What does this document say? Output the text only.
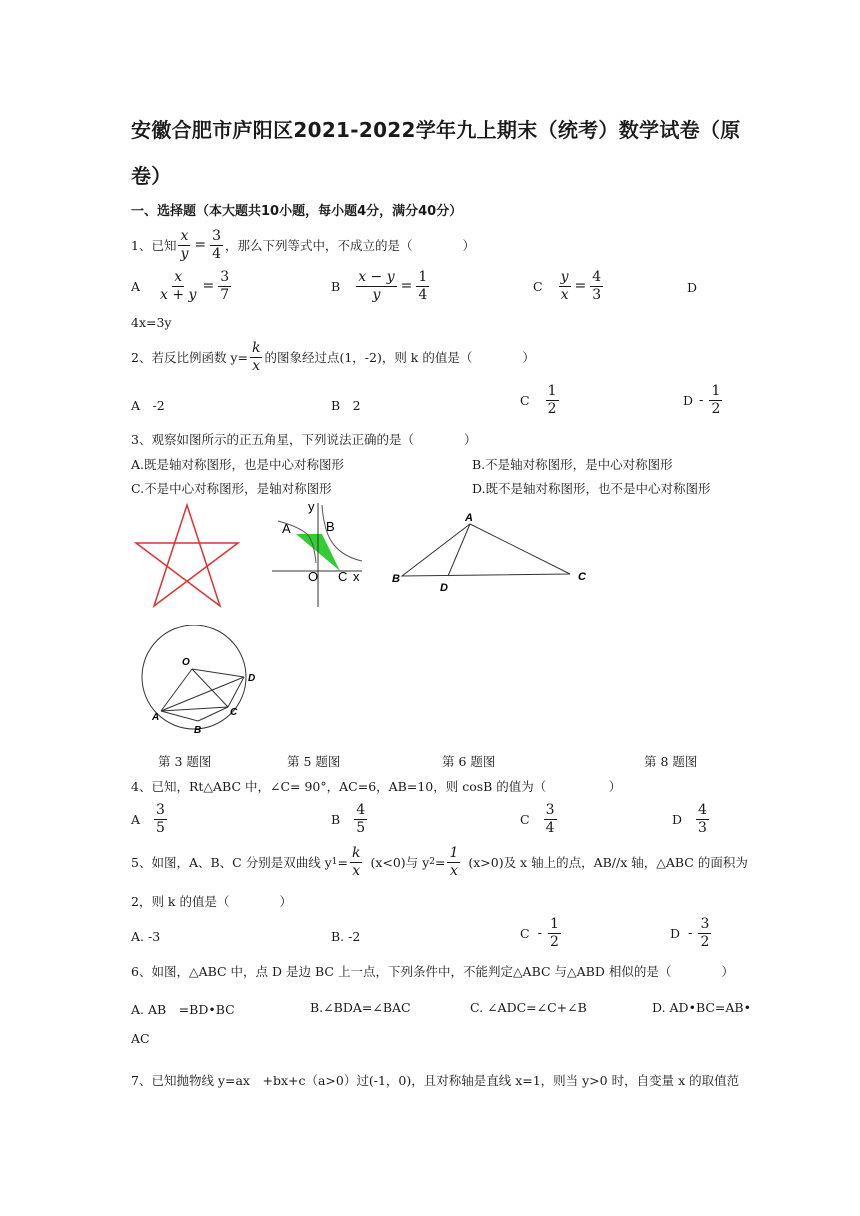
安徽合肥市庐阳区2021-2022学年九上期末（统考）数学试卷（原
卷）
一、选择题（本大题共10小题，每小题4分，满分40分）
1、已知 $\frac{x}{y} = \frac{3}{4}$ ，那么下列等式中，不成立的是（　　　　）
A $\frac{x}{x + y} = \frac{3}{7}$	B $\frac{x - y}{y} = \frac{1}{4}$	C $\frac{y}{x} = \frac{4}{3}$	D
4x=3y
2、若反比例函数 $y= \frac{k}{x}$ 的图象经过点(1，-2)，则 k 的值是（　　　　）
A　-2	B　2	C $\frac{1}{2}$	D - $\frac{1}{2}$
3、观察如图所示的正五角星，下列说法正确的是（　　　　）
A.既是轴对称图形，也是中心对称图形	B.不是轴对称图形，是中心对称图形
C.不是中心对称图形，是轴对称图形	D.既不是轴对称图形，也不是中心对称图形
y
A	B
O C x
A
B
D
C
O
D
A
B
C
第 3 题图	第 5 题图	第 6 题图	第 8 题图
4、已知，Rt△ABC 中，∠C= 90°，AC=6，AB=10，则 cosB 的值为（　　　　　）
A $\frac{3}{5}$	B $\frac{4}{5}$	C $\frac{3}{4}$	D $\frac{4}{3}$
5、如图，A、B、C 分别是双曲线 y $1 = \frac{k}{x} (x<0)$与 y $2 = \frac{1}{x} (x>0)$及 x 轴上的点，AB//x 轴，△ABC 的面积为
2，则 k 的值是（　　　　）
A. -3	B. -2	C - $\frac{1}{2}$	D - $\frac{3}{2}$
6、如图，△ABC 中，点 D 是边 BC 上一点，下列条件中，不能判定△ABC 与△ABD 相似的是（　　　　）
A. AB　=BD•BC	B.∠BDA=∠BAC	C. ∠ADC=∠C+∠B	D. AD•BC=AB•
AC
7、已知抛物线 y=ax　+bx+c（a>0）过(-1，0)，且对称轴是直线 x=1，则当 y>0 时，自变量 x 的取值范
